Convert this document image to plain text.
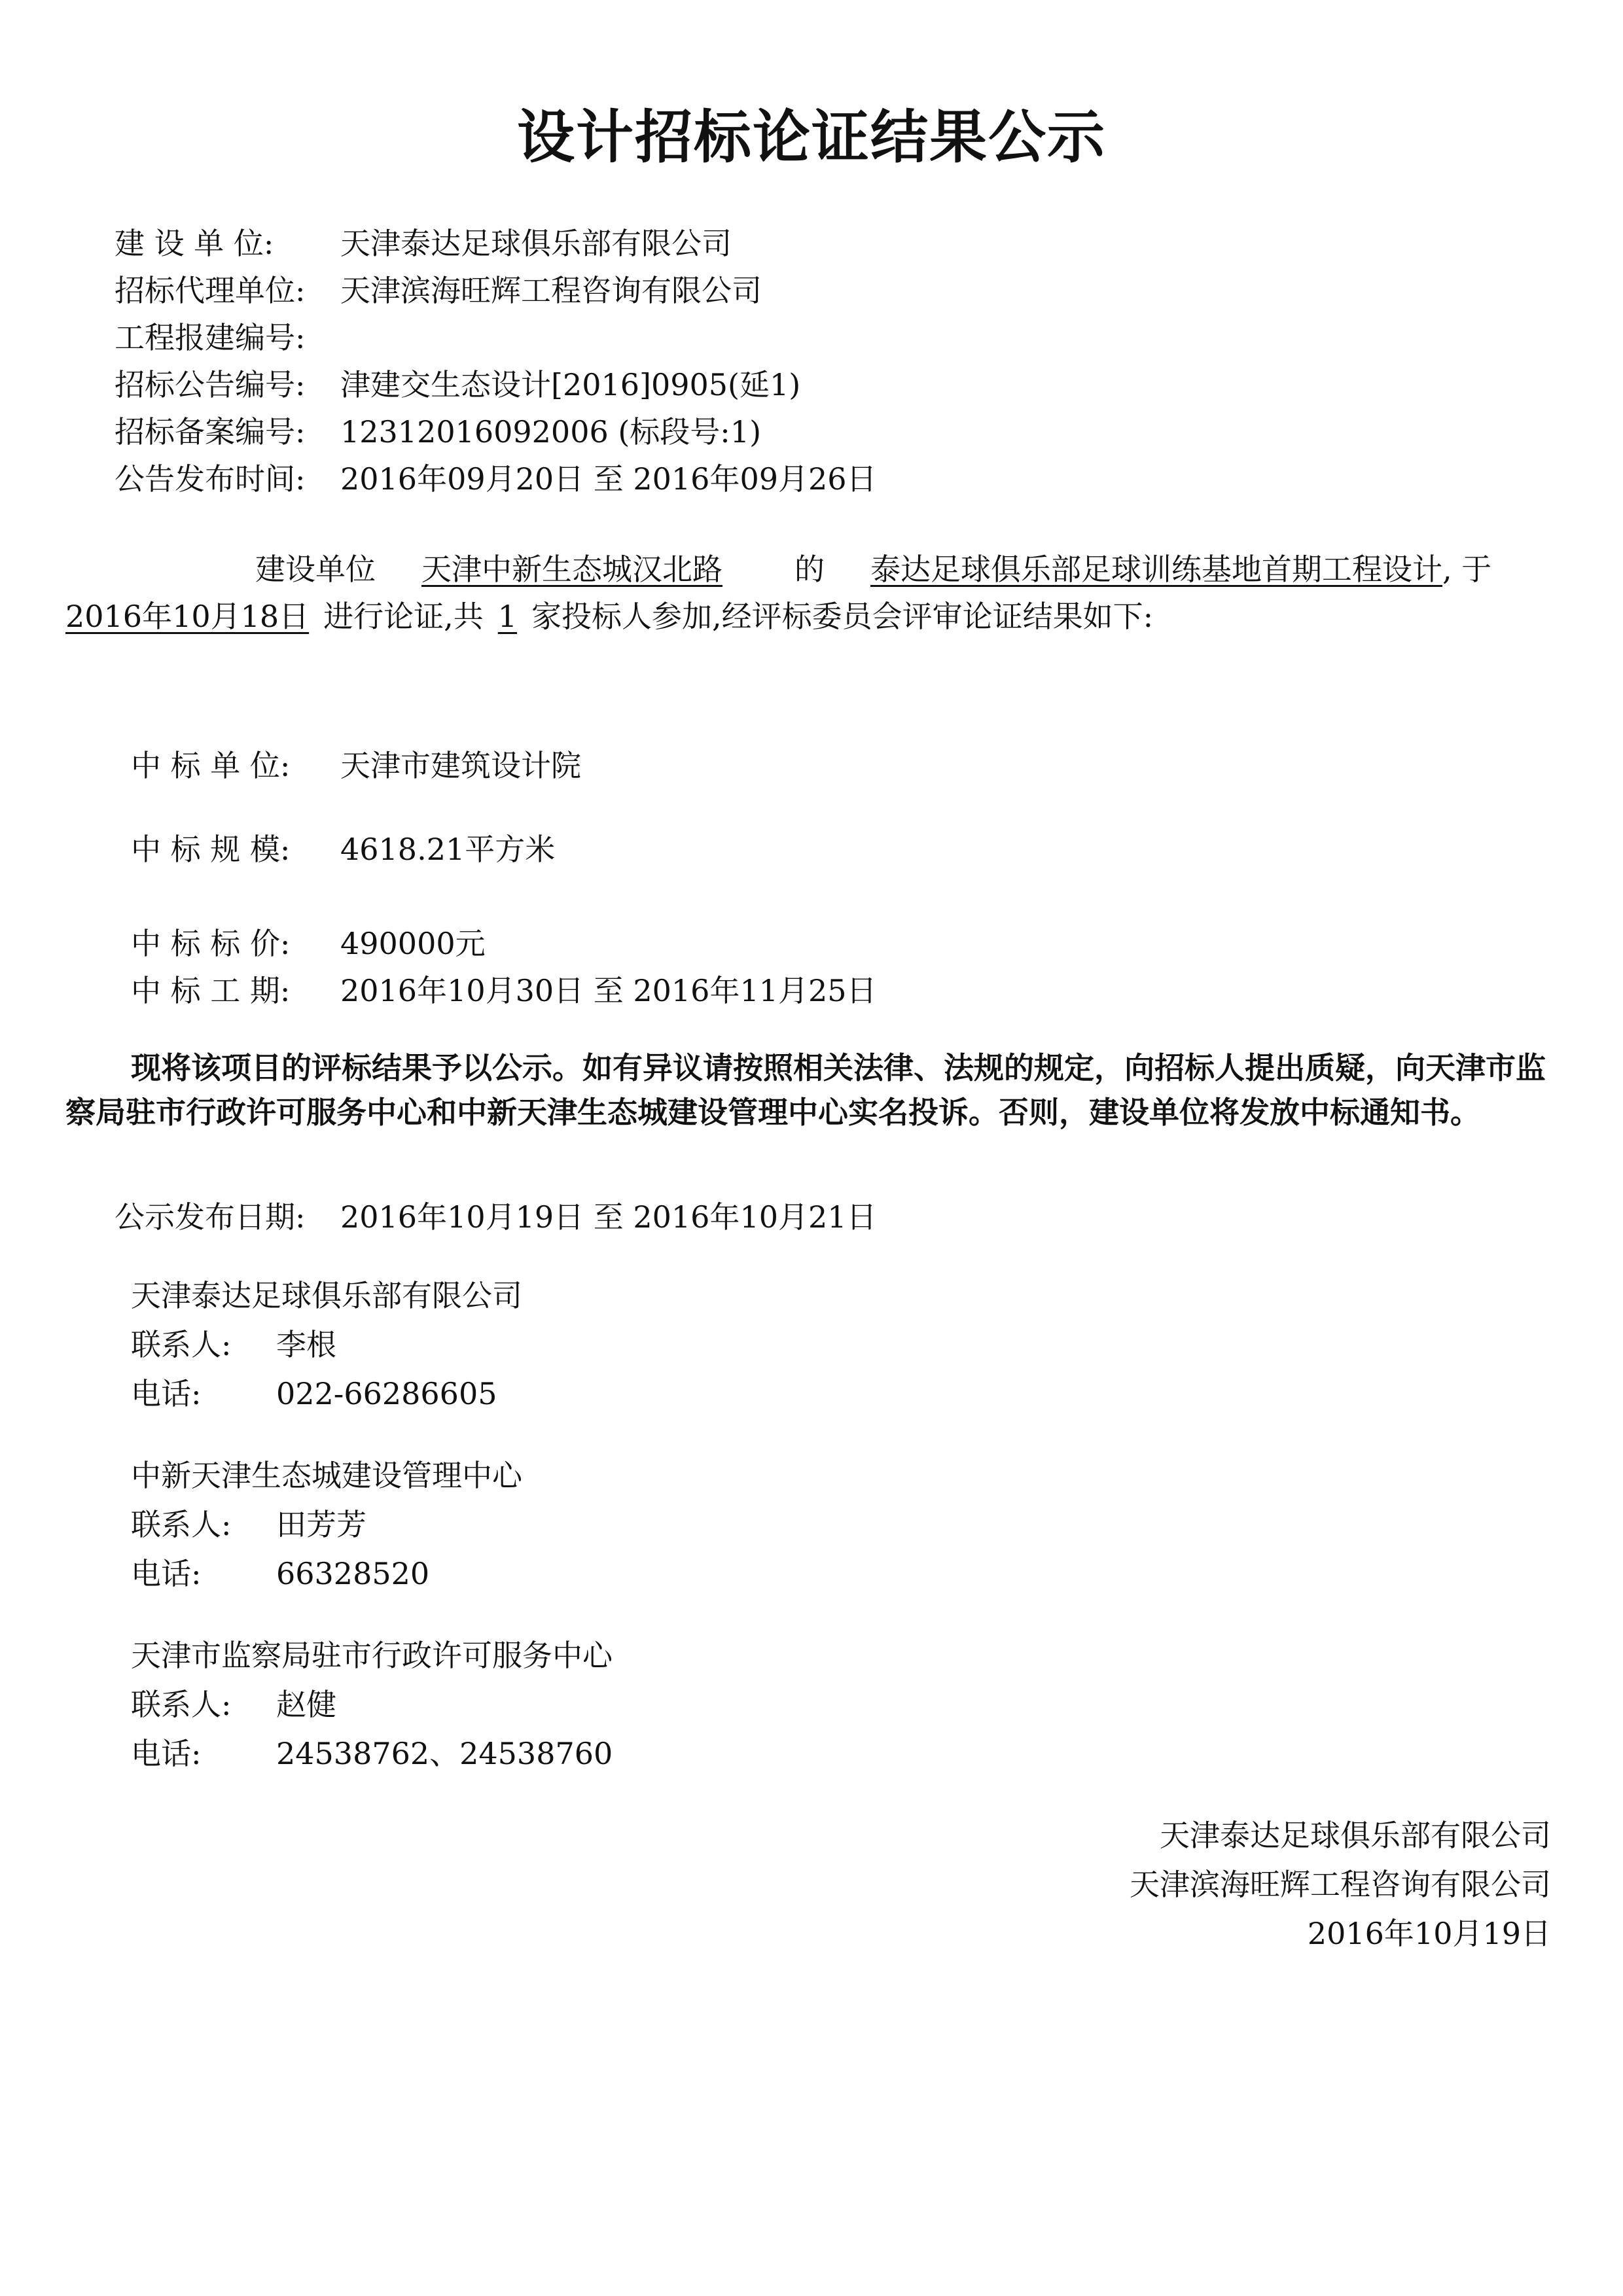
设计招标论证结果公示
建 设 单 位: 天津泰达足球俱乐部有限公司
招标代理单位: 天津滨海旺辉工程咨询有限公司
工程报建编号:
招标公告编号: 津建交生态设计[2016]0905(延1)
招标备案编号: 12312016092006 (标段号:1)
公告发布时间: 2016年09月20日 至 2016年09月26日
建设单位 天津中新生态城汉北路 的 泰达足球俱乐部足球训练基地首期工程设计, 于
2016年10月18日 进行论证,共 1 家投标人参加,经评标委员会评审论证结果如下:
中 标 单 位: 天津市建筑设计院
中 标 规 模: 4618.21平方米
中 标 标 价: 490000元
中 标 工 期: 2016年10月30日 至 2016年11月25日
现将该项目的评标结果予以公示。如有异议请按照相关法律、法规的规定，向招标人提出质疑，向天津市监察局驻市行政许可服务中心和中新天津生态城建设管理中心实名投诉。否则，建设单位将发放中标通知书。
公示发布日期: 2016年10月19日 至 2016年10月21日
天津泰达足球俱乐部有限公司
联系人: 李根
电话: 022-66286605
中新天津生态城建设管理中心
联系人: 田芳芳
电话: 66328520
天津市监察局驻市行政许可服务中心
联系人: 赵健
电话: 24538762、24538760
天津泰达足球俱乐部有限公司
天津滨海旺辉工程咨询有限公司
2016年10月19日
